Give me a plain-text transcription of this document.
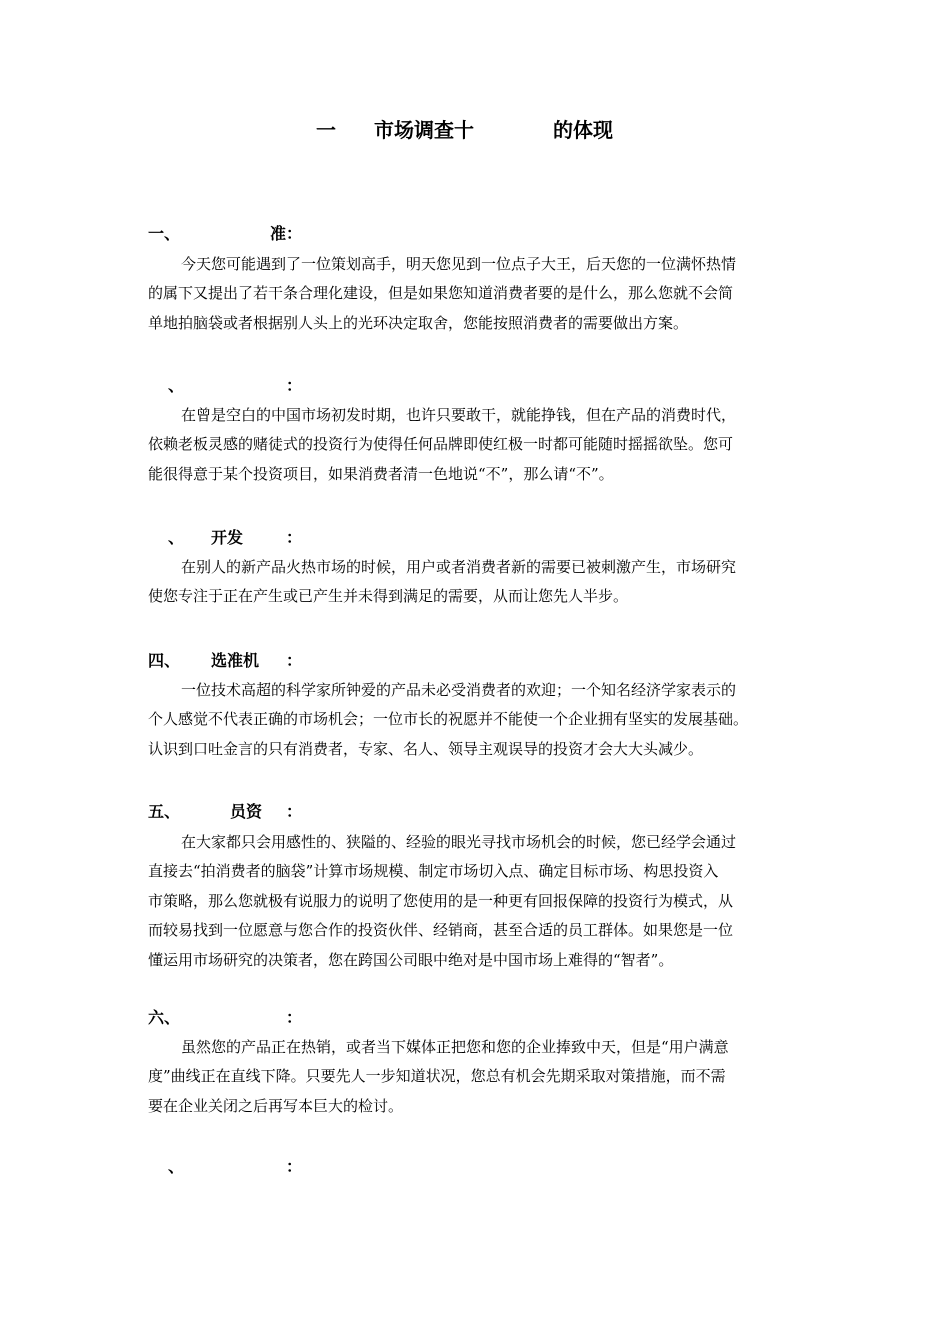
一 市场调查十	的体现
一、	准：
今天您可能遇到了一位策划高手，明天您见到一位点子大王，后天您的一位满怀热情
的属下又提出了若干条合理化建设，但是如果您知道消费者要的是什么，那么您就不会简
单地拍脑袋或者根据别人头上的光环决定取舍，您能按照消费者的需要做出方案。
、	：
在曾是空白的中国市场初发时期，也许只要敢干，就能挣钱，但在产品的消费时代，
依赖老板灵感的赌徒式的投资行为使得任何品牌即使红极一时都可能随时摇摇欲坠。您可
能很得意于某个投资项目，如果消费者清一色地说“不”，那么请“不”。
、 开发	：
在别人的新产品火热市场的时候，用户或者消费者新的需要已被刺激产生，市场研究
使您专注于正在产生或已产生并未得到满足的需要，从而让您先人半步。
四、 选准机 ：
一位技术高超的科学家所钟爱的产品未必受消费者的欢迎；一个知名经济学家表示的
个人感觉不代表正确的市场机会；一位市长的祝愿并不能使一个企业拥有坚实的发展基础。
认识到口吐金言的只有消费者，专家、名人、领导主观误导的投资才会大大头减少。
五、	员资 ：
在大家都只会用感性的、狭隘的、经验的眼光寻找市场机会的时候，您已经学会通过
直接去“拍消费者的脑袋”计算市场规模、制定市场切入点、确定目标市场、构思投资入
市策略，那么您就极有说服力的说明了您使用的是一种更有回报保障的投资行为模式，从
而较易找到一位愿意与您合作的投资伙伴、经销商，甚至合适的员工群体。如果您是一位
懂运用市场研究的决策者，您在跨国公司眼中绝对是中国市场上难得的“智者”。
六、	：
虽然您的产品正在热销，或者当下媒体正把您和您的企业捧致中天，但是“用户满意
度”曲线正在直线下降。只要先人一步知道状况，您总有机会先期采取对策措施，而不需
要在企业关闭之后再写本巨大的检讨。
、	：
